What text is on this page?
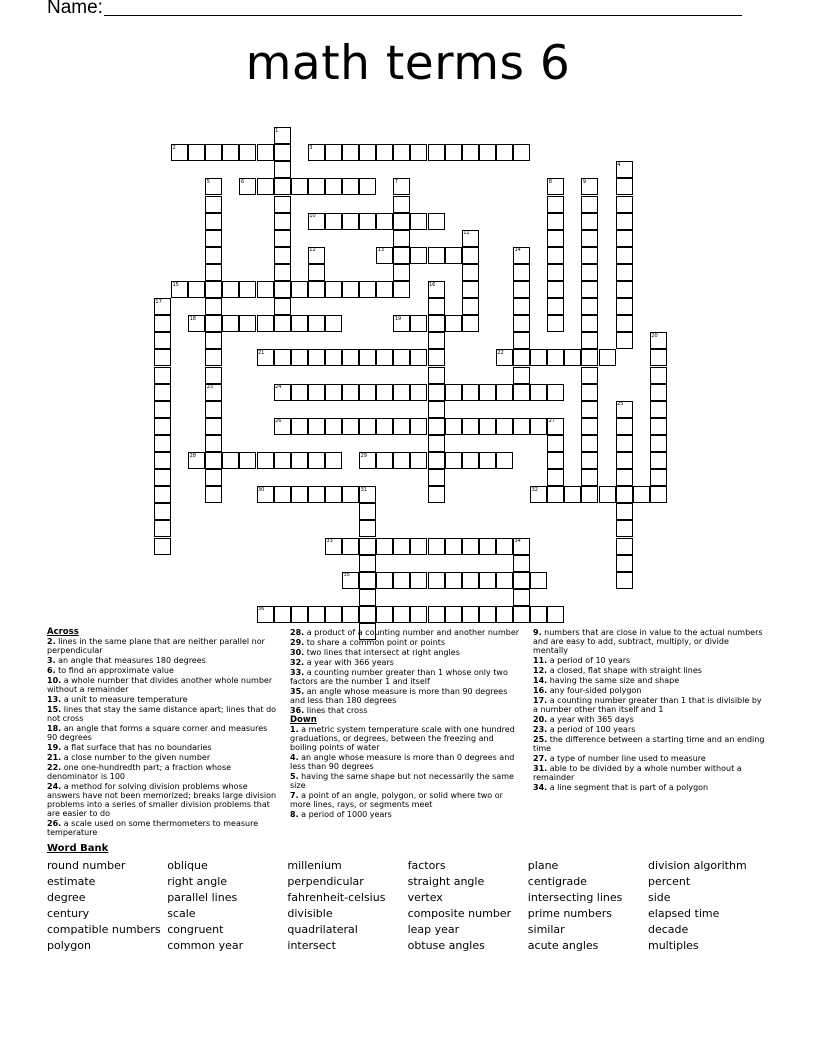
Name:
math terms 6
1
2	3
4
5	6	7	8	9
10
11
12	13	14
15	16
17
18	19
20
21	22
23	24
25
26	27
28	29
30	31	32
33	34
35
36
Across
2. lines in the same plane that are neither parallel nor perpendicular
3. an angle that measures 180 degrees
6. to find an approximate value
10. a whole number that divides another whole number without a remainder
13. a unit to measure temperature
15. lines that stay the same distance apart; lines that do not cross
18. an angle that forms a square corner and measures 90 degrees
19. a flat surface that has no boundaries
21. a close number to the given number
22. one one-hundredth part; a fraction whose denominator is 100
24. a method for solving division problems whose answers have not been memorized; breaks large division problems into a series of smaller division problems that are easier to do
26. a scale used on some thermometers to measure temperature
28. a product of a counting number and another number
29. to share a common point or points
30. two lines that intersect at right angles
32. a year with 366 years
33. a counting number greater than 1 whose only two factors are the number 1 and itself
35. an angle whose measure is more than 90 degrees and less than 180 degrees
36. lines that cross
Down
1. a metric system temperature scale with one hundred graduations, or degrees, between the freezing and boiling points of water
4. an angle whose measure is more than 0 degrees and less than 90 degrees
5. having the same shape but not necessarily the same size
7. a point of an angle, polygon, or solid where two or more lines, rays, or segments meet
8. a period of 1000 years
9. numbers that are close in value to the actual numbers and are easy to add, subtract, multiply, or divide mentally
11. a period of 10 years
12. a closed, flat shape with straight lines
14. having the same size and shape
16. any four-sided polygon
17. a counting number greater than 1 that is divisible by a number other than itself and 1
20. a year with 365 days
23. a period of 100 years
25. the difference between a starting time and an ending time
27. a type of number line used to measure
31. able to be divided by a whole number without a remainder
34. a line segment that is part of a polygon
Word Bank
round number
estimate
degree
century
compatible numbers
polygon
oblique
right angle
parallel lines
scale
congruent
common year
millenium
perpendicular
fahrenheit-celsius
divisible
quadrilateral
intersect
factors
straight angle
vertex
composite number
leap year
obtuse angles
plane
centigrade
intersecting lines
prime numbers
similar
acute angles
division algorithm
percent
side
elapsed time
decade
multiples
